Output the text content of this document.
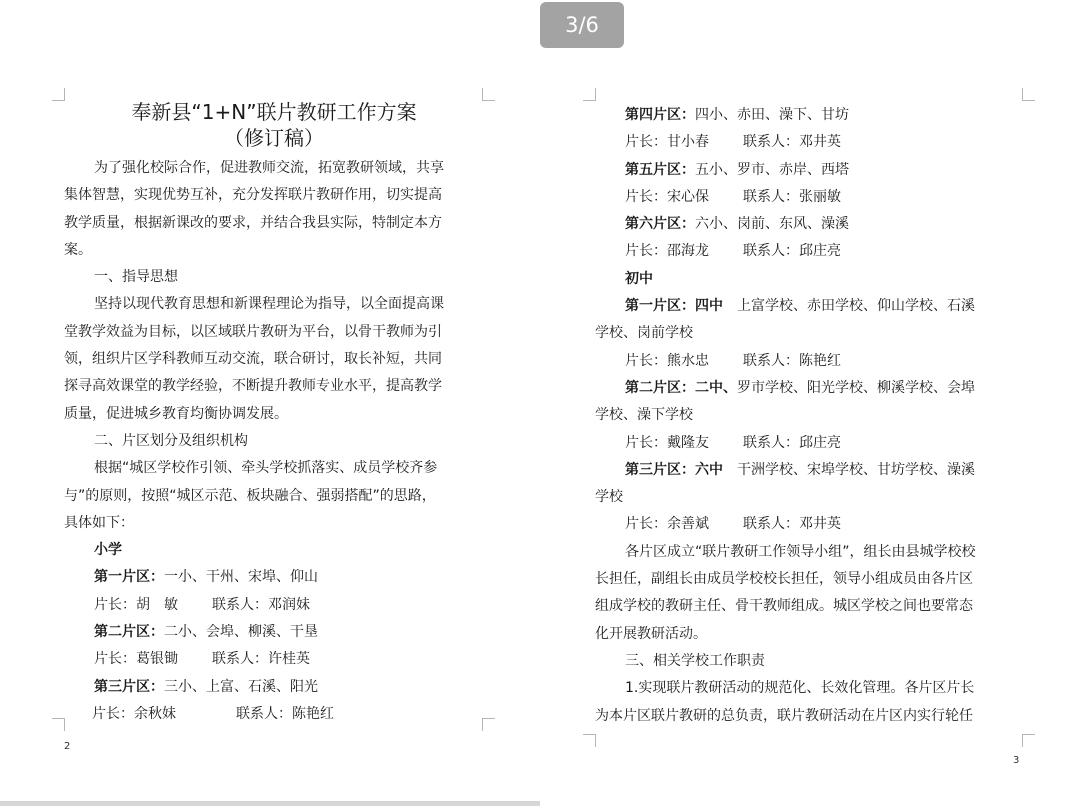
奉新县“1+N”联片教研工作方案
（修订稿）
为了强化校际合作，促进教师交流，拓宽教研领域，共享
集体智慧，实现优势互补，充分发挥联片教研作用，切实提高
教学质量，根据新课改的要求，并结合我县实际，特制定本方
案。
一、指导思想
坚持以现代教育思想和新课程理论为指导，以全面提高课
堂教学效益为目标，以区域联片教研为平台，以骨干教师为引
领，组织片区学科教师互动交流，联合研讨，取长补短，共同
探寻高效课堂的教学经验，不断提升教师专业水平，提高教学
质量，促进城乡教育均衡协调发展。
二、片区划分及组织机构
根据“城区学校作引领、牵头学校抓落实、成员学校齐参
与”的原则，按照“城区示范、板块融合、强弱搭配”的思路，
具体如下：
小学
第一片区：一小、干州、宋埠、仰山
片长：胡　敏 联系人：邓润妹
第二片区：二小、会埠、柳溪、干垦
片长：葛银锄 联系人：许桂英
第三片区：三小、上富、石溪、阳光
片长：余秋妹	联系人：陈艳红
2
3
第四片区：四小、赤田、澡下、甘坊
片长：甘小春 联系人：邓井英
第五片区：五小、罗市、赤岸、西塔
片长：宋心保 联系人：张丽敏
第六片区：六小、岗前、东风、澡溪
片长：邵海龙 联系人：邱庄亮
初中
第一片区：四中 上富学校、赤田学校、仰山学校、石溪
学校、岗前学校
片长：熊水忠 联系人：陈艳红
第二片区：二中、罗市学校、阳光学校、柳溪学校、会埠
学校、澡下学校
片长：戴隆友 联系人：邱庄亮
第三片区：六中 干洲学校、宋埠学校、甘坊学校、澡溪
学校
片长：余善斌 联系人：邓井英
各片区成立“联片教研工作领导小组”，组长由县城学校校
长担任，副组长由成员学校校长担任，领导小组成员由各片区
组成学校的教研主任、骨干教师组成。城区学校之间也要常态
化开展教研活动。
三、相关学校工作职责
1.实现联片教研活动的规范化、长效化管理。各片区片长
为本片区联片教研的总负责，联片教研活动在片区内实行轮任
3/6
